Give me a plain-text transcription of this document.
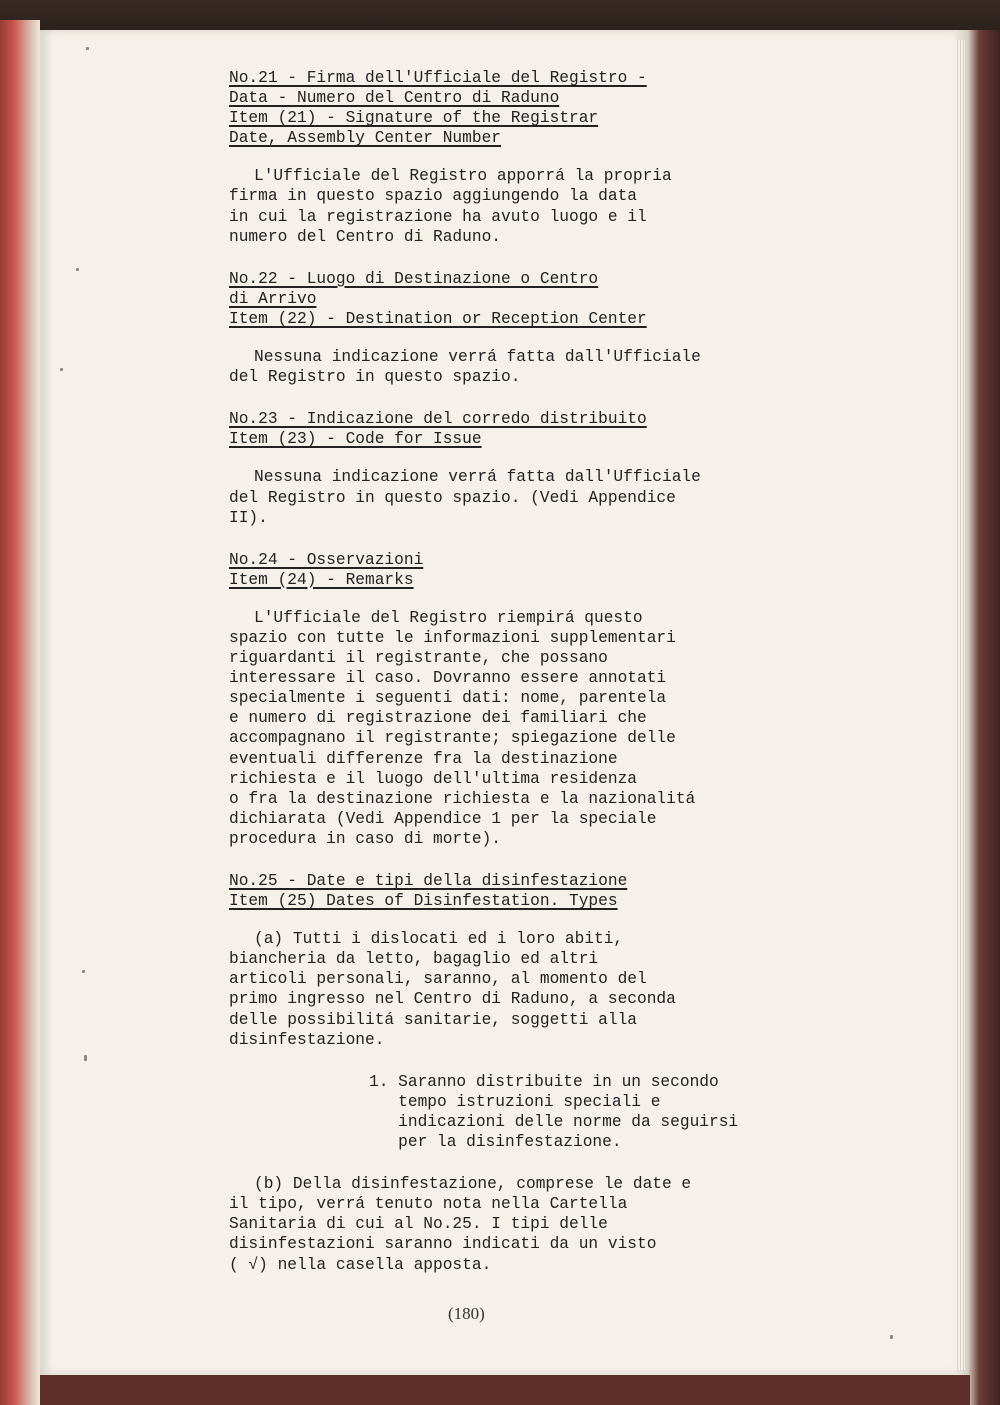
No.21 - Firma dell'Ufficiale del Registro -
Data - Numero del Centro di Raduno
Item (21) - Signature of the Registrar
Date, Assembly Center Number
L'Ufficiale del Registro apporrá la propria
firma in questo spazio aggiungendo la data
in cui la registrazione ha avuto luogo e il
numero del Centro di Raduno.
No.22 - Luogo di Destinazione o Centro
di Arrivo
Item (22) - Destination or Reception Center
Nessuna indicazione verrá fatta dall'Ufficiale
del Registro in questo spazio.
No.23 - Indicazione del corredo distribuito
Item (23) - Code for Issue
Nessuna indicazione verrá fatta dall'Ufficiale
del Registro in questo spazio. (Vedi Appendice
II).
No.24 - Osservazioni
Item (24) - Remarks
L'Ufficiale del Registro riempirá questo
spazio con tutte le informazioni supplementari
riguardanti il registrante, che possano
interessare il caso. Dovranno essere annotati
specialmente i seguenti dati: nome, parentela
e numero di registrazione dei familiari che
accompagnano il registrante; spiegazione delle
eventuali differenze fra la destinazione
richiesta e il luogo dell'ultima residenza
o fra la destinazione richiesta e la nazionalitá
dichiarata (Vedi Appendice 1 per la speciale
procedura in caso di morte).
No.25 - Date e tipi della disinfestazione
Item (25) Dates of Disinfestation. Types
(a) Tutti i dislocati ed i loro abiti,
biancheria da letto, bagaglio ed altri
articoli personali, saranno, al momento del
primo ingresso nel Centro di Raduno, a seconda
delle possibilitá sanitarie, soggetti alla
disinfestazione.
1. Saranno distribuite in un secondo
tempo istruzioni speciali e
indicazioni delle norme da seguirsi
per la disinfestazione.
(b) Della disinfestazione, comprese le date e
il tipo, verrá tenuto nota nella Cartella
Sanitaria di cui al No.25. I tipi delle
disinfestazioni saranno indicati da un visto
( √) nella casella apposta.
(180)
